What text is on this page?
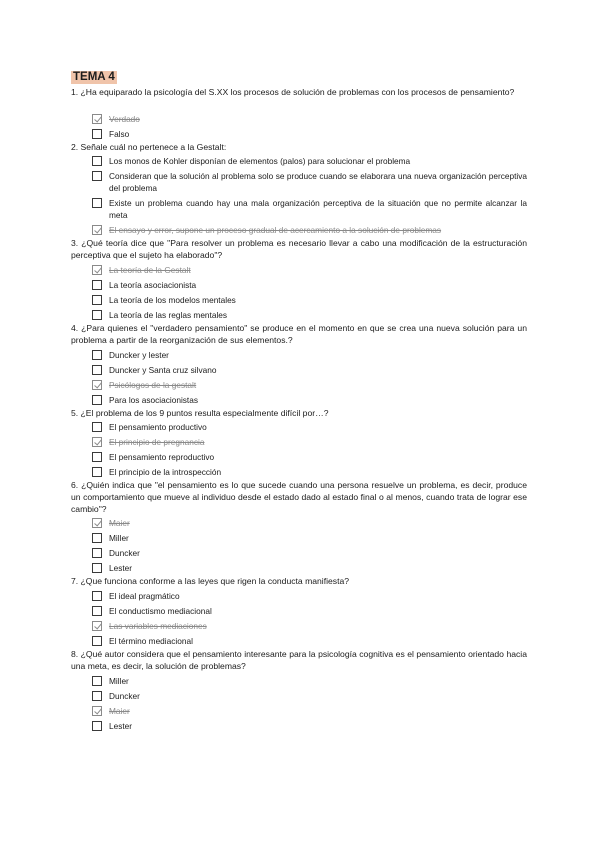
TEMA 4
1. ¿Ha equiparado la psicología del S.XX los procesos de solución de problemas con los procesos de pensamiento?
Verdado
Falso
2. Señale cuál no pertenece a la Gestalt:
Los monos de Kohler disponían de elementos (palos) para solucionar el problema
Consideran que la solución al problema solo se produce cuando se elaborara una nueva organización perceptiva del problema
Existe un problema cuando hay una mala organización perceptiva de la situación que no permite alcanzar la meta
El ensayo y error, supone un proceso gradual de acercamiento a la solución de problemas
3. ¿Qué teoría dice que "Para resolver un problema es necesario llevar a cabo una modificación de la estructuración perceptiva que el sujeto ha elaborado"?
La teoría de la Gestalt
La teoría asociacionista
La teoría de los modelos mentales
La teoría de las reglas mentales
4. ¿Para quienes el "verdadero pensamiento" se produce en el momento en que se crea una nueva solución para un problema a partir de la reorganización de sus elementos.?
Duncker y lester
Duncker y Santa cruz silvano
Psicólogos de la gestalt
Para los asociacionistas
5. ¿El problema de los 9 puntos resulta especialmente difícil por…?
El pensamiento productivo
El principio de pregnancia
El pensamiento reproductivo
El principio de la introspección
6. ¿Quién indica que "el pensamiento es lo que sucede cuando una persona resuelve un problema, es decir, produce un comportamiento que mueve al individuo desde el estado dado al estado final o al menos, cuando trata de lograr ese cambio"?
Maier
Miller
Duncker
Lester
7. ¿Que funciona conforme a las leyes que rigen la conducta manifiesta?
El ideal pragmático
El conductismo mediacional
Las variables mediaciones
El término mediacional
8. ¿Qué autor considera que el pensamiento interesante para la psicología cognitiva es el pensamiento orientado hacia una meta, es decir, la solución de problemas?
Miller
Duncker
Maier
Lester
